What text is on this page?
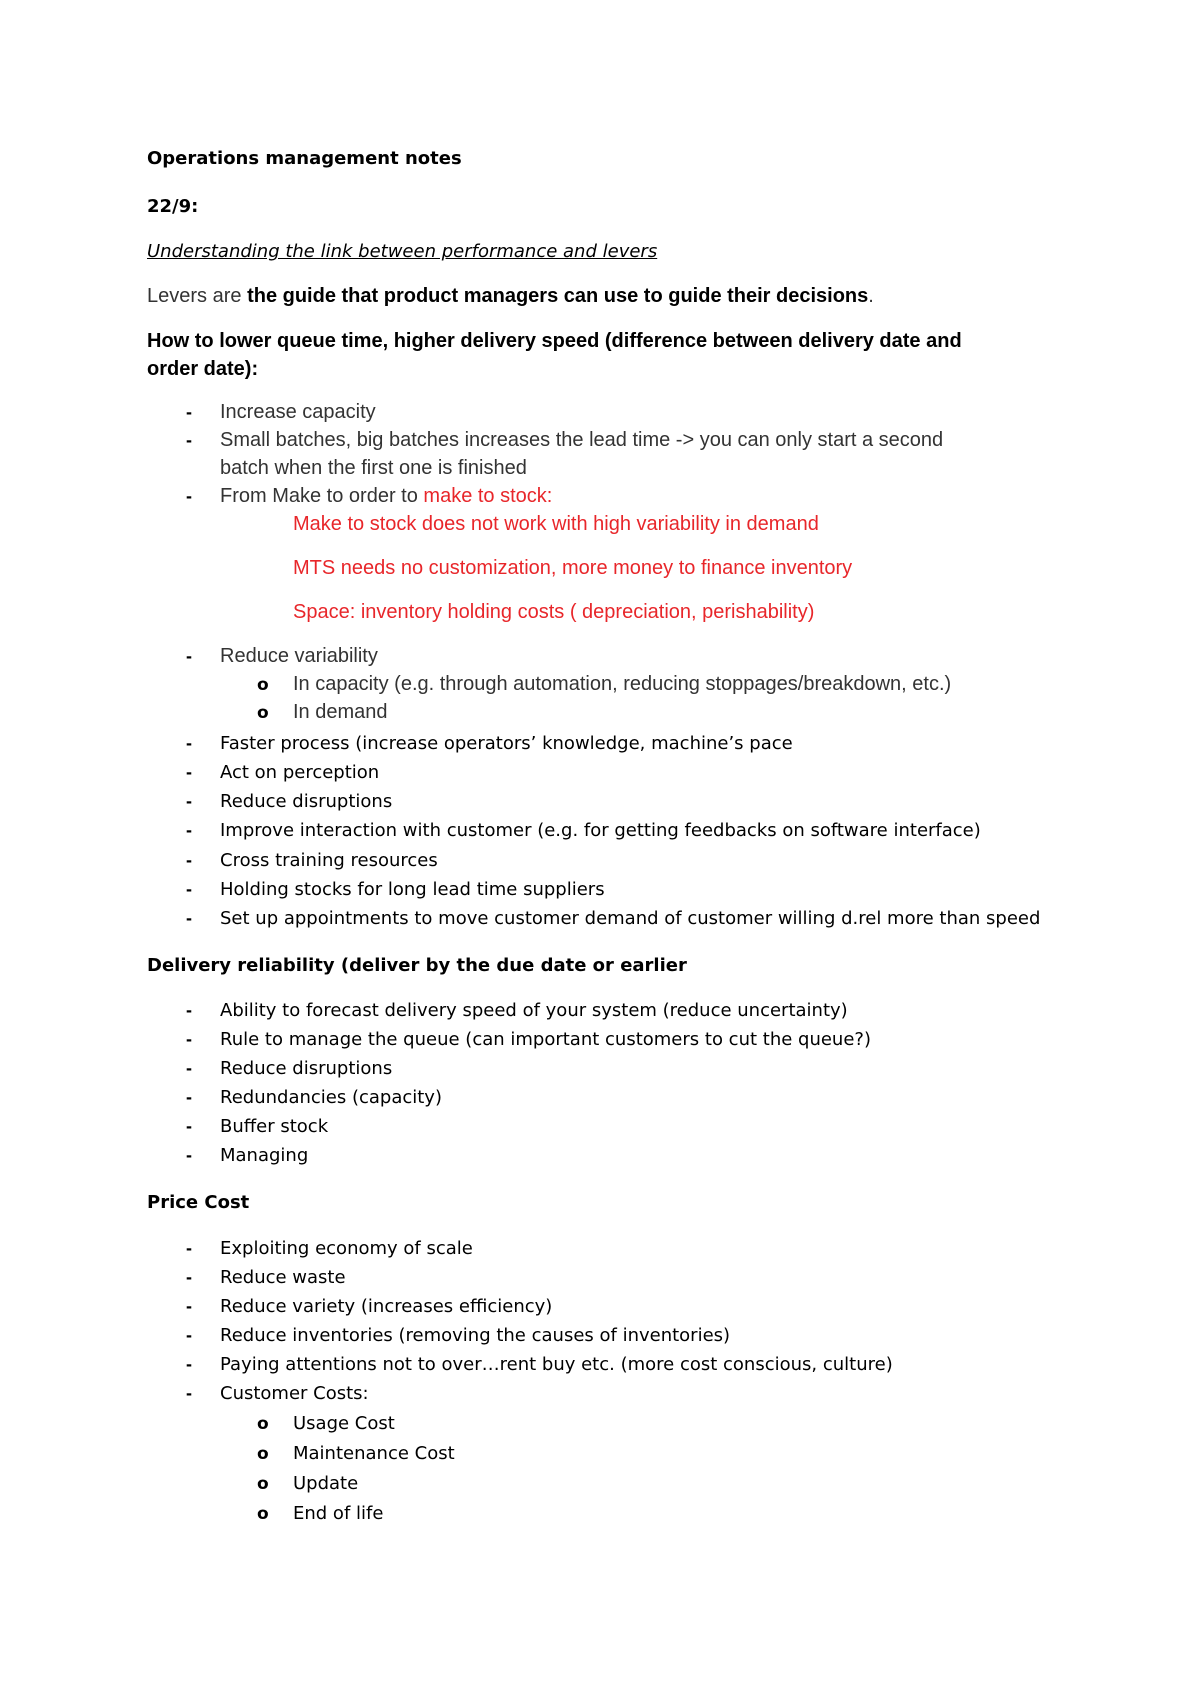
Operations management notes
22/9:
Understanding the link between performance and levers
Levers are the guide that product managers can use to guide their decisions.
How to lower queue time, higher delivery speed (difference between delivery date and
order date):
- Increase capacity
- Small batches, big batches increases the lead time -> you can only start a second
batch when the first one is finished
- From Make to order to make to stock:
Make to stock does not work with high variability in demand
MTS needs no customization, more money to finance inventory
Space: inventory holding costs ( depreciation, perishability)
- Reduce variability
o In capacity (e.g. through automation, reducing stoppages/breakdown, etc.)
o In demand
- Faster process (increase operators’ knowledge, machine’s pace
- Act on perception
- Reduce disruptions
- Improve interaction with customer (e.g. for getting feedbacks on software interface)
- Cross training resources
- Holding stocks for long lead time suppliers
- Set up appointments to move customer demand of customer willing d.rel more than speed
Delivery reliability (deliver by the due date or earlier
- Ability to forecast delivery speed of your system (reduce uncertainty)
- Rule to manage the queue (can important customers to cut the queue?)
- Reduce disruptions
- Redundancies (capacity)
- Buffer stock
- Managing
Price Cost
- Exploiting economy of scale
- Reduce waste
- Reduce variety (increases efficiency)
- Reduce inventories (removing the causes of inventories)
- Paying attentions not to over…rent buy etc. (more cost conscious, culture)
- Customer Costs:
o Usage Cost
o Maintenance Cost
o Update
o End of life
